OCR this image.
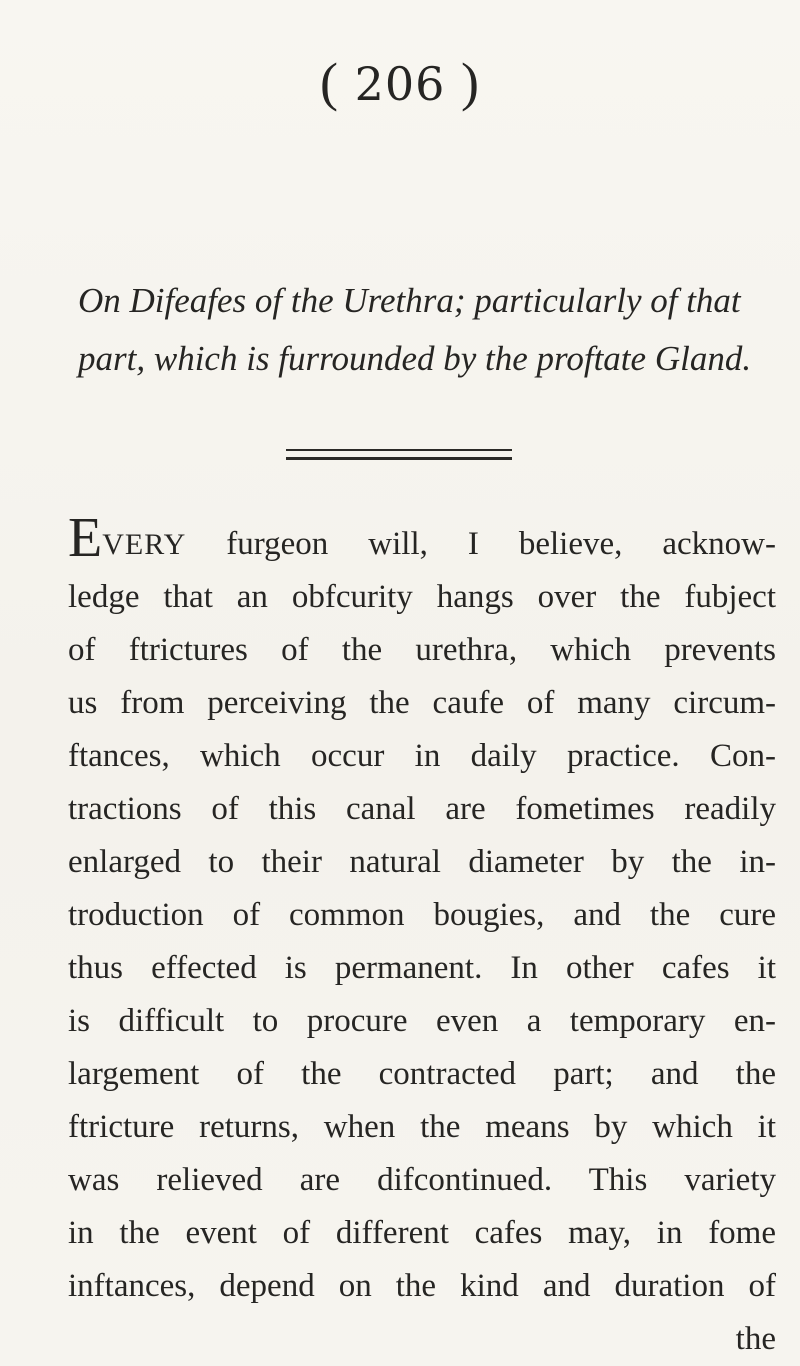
( 206 )
On Difeafes of the Urethra; particularly of that
part, which is furrounded by the proftate Gland.
EVERY furgeon will, I believe, acknow-
ledge that an obfcurity hangs over the fubject
of ftrictures of the urethra, which prevents
us from perceiving the caufe of many circum-
ftances, which occur in daily practice. Con-
tractions of this canal are fometimes readily
enlarged to their natural diameter by the in-
troduction of common bougies, and the cure
thus effected is permanent. In other cafes it
is difficult to procure even a temporary en-
largement of the contracted part; and the
ftricture returns, when the means by which it
was relieved are difcontinued. This variety
in the event of different cafes may, in fome
inftances, depend on the kind and duration of
the
